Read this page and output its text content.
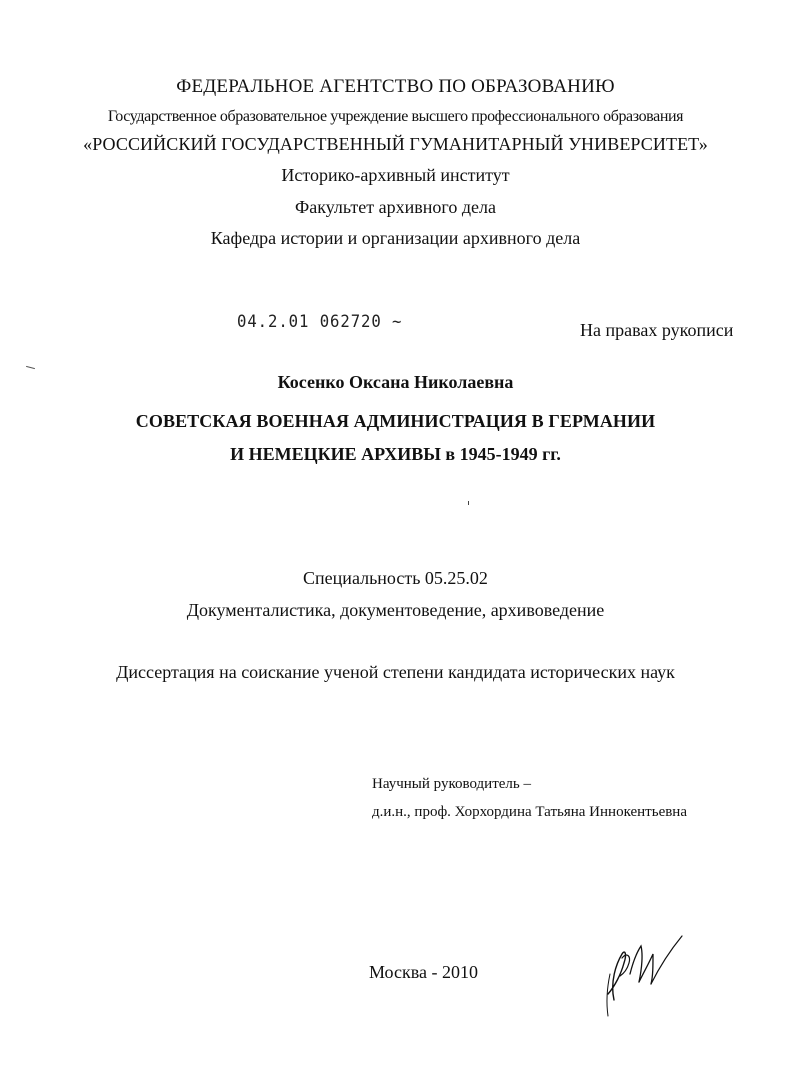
ФЕДЕРАЛЬНОЕ АГЕНТСТВО ПО ОБРАЗОВАНИЮ
Государственное образовательное учреждение высшего профессионального образования
«РОССИЙСКИЙ ГОСУДАРСТВЕННЫЙ ГУМАНИТАРНЫЙ УНИВЕРСИТЕТ»
Историко-архивный институт
Факультет архивного дела
Кафедра истории и организации архивного дела
04.2.01 062720 ~	На правах рукописи
Косенко Оксана Николаевна
СОВЕТСКАЯ ВОЕННАЯ АДМИНИСТРАЦИЯ В ГЕРМАНИИ
И НЕМЕЦКИЕ АРХИВЫ в 1945-1949 гг.
Специальность 05.25.02
Документалистика, документоведение, архивоведение
Диссертация на соискание ученой степени кандидата исторических наук
Научный руководитель –
д.и.н., проф. Хорхордина Татьяна Иннокентьевна
Москва - 2010
